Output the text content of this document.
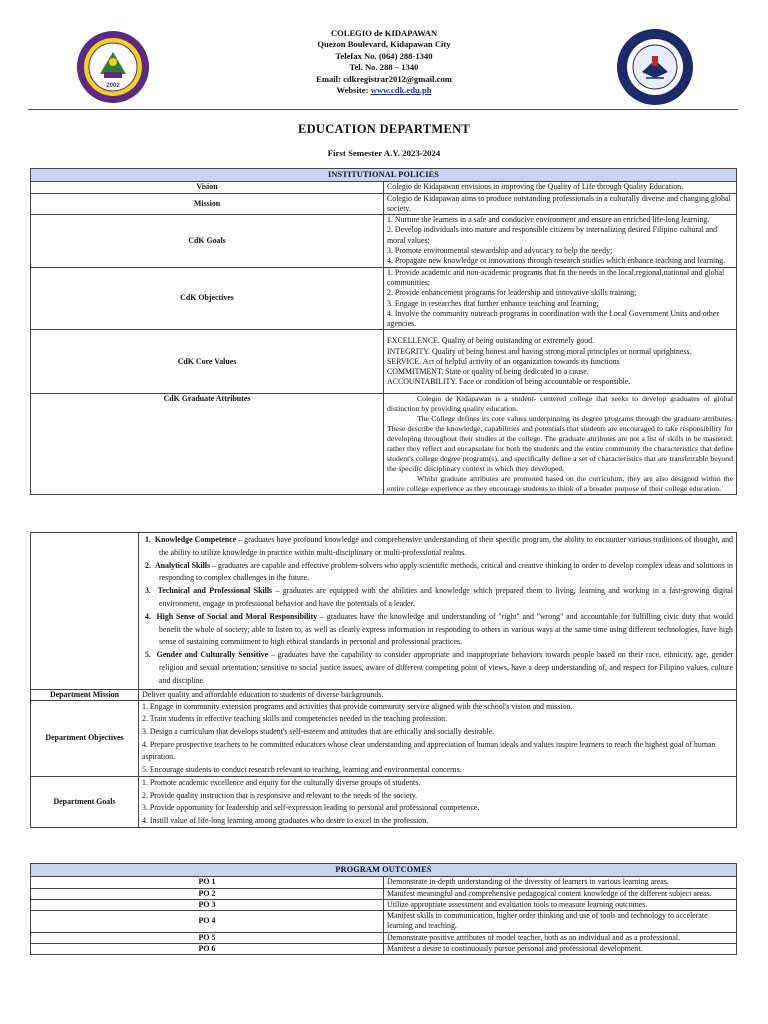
2002
COLEGIO de KIDAPAWAN
Quezon Boulevard, Kidapawan City
Telefax No. (064) 288-1340
Tel. No. 288 – 1340
Email: cdkregistrar2012@gmail.com
Website: www.cdk.edu.ph
EDUCATION DEPARTMENT
First Semester A.Y. 2023-2024
INSTITUTIONAL POLICIES	
Vision	Colegio de Kidapawan envisions in improving the Quality of Life through Quality Education.
Mission	Colegio de Kidapawan aims to produce outstanding professionals in a culturally diverse and changing global society.
CdK Goals	1. Nurture the learners in a safe and conducive environment and ensure an enriched life-long learning.
2. Develop individuals into mature and responsible citizens by internalizing desired Filipino cultural and moral values;
3. Promote environmental stewardship and advocacy to help the needy;
4. Propagate new knowledge or innovations through research studies which enhance teaching and learning.

CdK Objectives	1. Provide academic and non-academic programs that fit the needs in the local,regional,national and global communities;
2. Provide enhancement programs for leadership and innovative skills training;
3. Engage in researches that further enhance teaching and learning;
4. Involve the community outreach programs in coordination with the Local Government Units and other agencies.

CdK Core Values	EXCELLENCE. Quality of being outstanding or extremely good.
INTEGRITY. Quality of being honest and having strong moral principles or normal uprightness.
SERVICE. Act of helpful activity of an organization towards its functions
COMMITMENT. State or quality of being dedicated to a cause.
ACCOUNTABILITY. Face or condition of being accountable or responsible.

CdK Graduate Attributes	Colegio de Kidapawan is a student- centered college that seeks to develop graduates of global distinction by providing quality education.
The College defines its core values underpinning its degree programs through the graduate attributes. These describe the knowledge, capabilities and potentials that students are encouraged to take responsibility for developing throughout their studies at the college. The graduate attributes are not a list of skills to be mastered; rather they reflect and encapsulate for both the students and the entire community the characteristics that define student's college degree program(s), and specifically define a set of characteristics that are transferrable beyond the specific disciplinary context in which they developed.
Whilst graduate attributes are promoted based on the curriculum, they are also designed within the entire college experience as they encourage students to think of a broader purpose of their college education.

	1. Knowledge Competence – graduates have profound knowledge and comprehensive understanding of their specific program, the ability to encounter various traditions of thought, and the ability to utilize knowledge in practice within multi-disciplinary or multi-professional realms.
2. Analytical Skills – graduates are capable and effective problem-solvers who apply scientific methods, critical and creative thinking in order to develop complex ideas and solutions in responding to complex challenges in the future.
3. Technical and Professional Skills – graduates are equipped with the abilities and knowledge which prepared them to living, learning and working in a fast-growing digital environment, engage in professional behavior and have the potentials of a leader.
4. High Sense of Social and Moral Responsibility – graduates have the knowledge and understanding of "right" and "wrong" and accountable for fulfilling civic duty that would benefit the whole of society; able to listen to, as well as clearly express information in responding to others in various ways at the same time using different technologies, have high sense of sustaining commitment to high ethical standards in personal and professional practices.
5. Gender and Culturally Sensitive – graduates have the capability to consider appropriate and inappropriate behaviors towards people based on their race, ethnicity, age, gender religion and sexual orientation; sensitive to social justice issues, aware of different competing point of views, have a deep understanding of, and respect for Filipino values, culture and discipline.

Department Mission	Deliver quality and affordable education to students of diverse backgrounds.
Department Objectives	1. Engage in community extension programs and activities that provide community service aligned with the school's vision and mission.
2. Train students in effective teaching skills and competencies needed in the teaching profession.
3. Design a curriculum that develops student's self-esteem and attitudes that are ethically and socially desirable.
4. Prepare prospective teachers to be committed educators whose clear understanding and appreciation of human ideals and values inspire learners to reach the highest goal of human aspiration.
5. Encourage students to conduct research relevant to teaching, learning and environmental concerns.

Department Goals	1. Promote academic excellence and equity for the culturally diverse groups of students.
2. Provide quality instruction that is responsive and relevant to the needs of the society.
3. Provide opportunity for leadership and self-expression leading to personal and professional competence.
4. Instill value of life-long learning among graduates who desire to excel in the profession.
PROGRAM OUTCOMES	
PO 1	Demonstrate in-depth understanding of the diversity of learners in various learning areas.
PO 2	Manifest meaningful and comprehensive pedagogical content knowledge of the different subject areas.
PO 3	Utilize appropriate assessment and evaluation tools to measure learning outcomes.
PO 4	Manifest skills in communication, higher order thinking and use of tools and technology to accelerate learning and teaching.
PO 5	Demonstrate positive attributes of model teacher, both as an individual and as a professional.
PO 6	Manifest a desire to continuously pursue personal and professional development.
